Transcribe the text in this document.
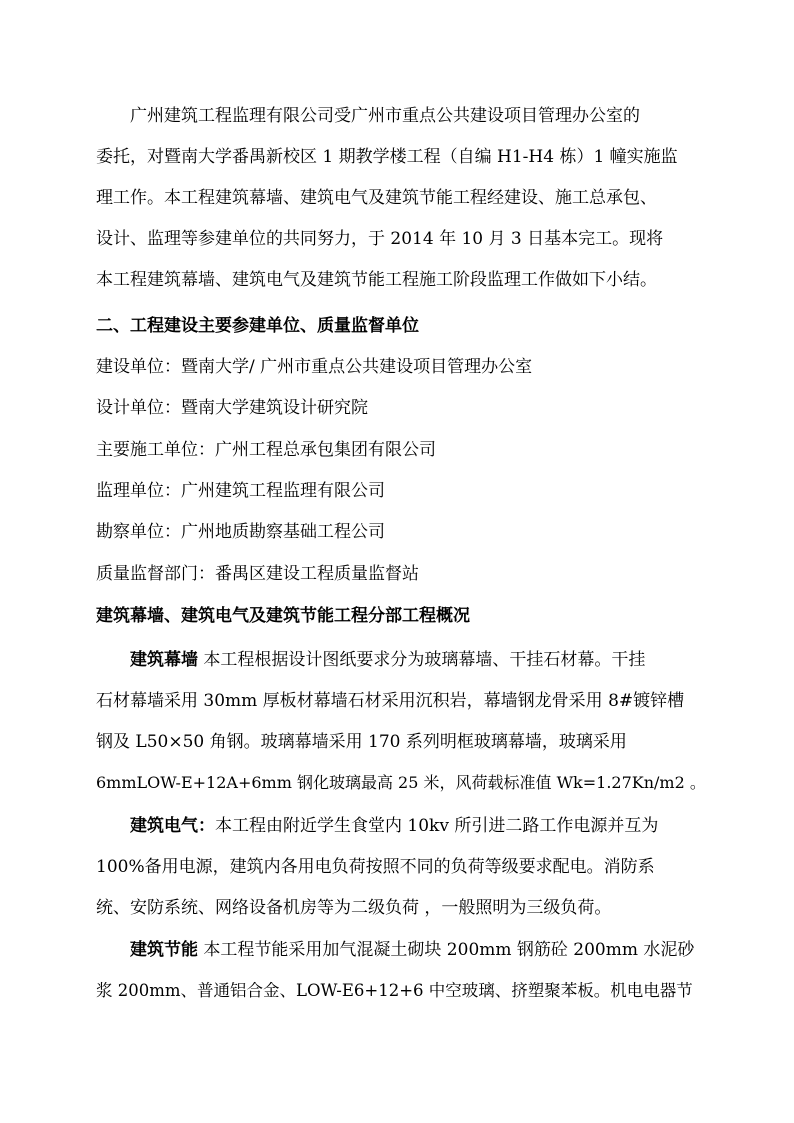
广州建筑工程监理有限公司受广州市重点公共建设项目管理办公室的

委托，对暨南大学番禺新校区 1 期教学楼工程（自编 H1-H4 栋）1 幢实施监

理工作。本工程建筑幕墙、建筑电气及建筑节能工程经建设、施工总承包、

设计、监理等参建单位的共同努力，于 2014 年 10 月 3 日基本完工。现将

本工程建筑幕墙、建筑电气及建筑节能工程施工阶段监理工作做如下小结。

二、工程建设主要参建单位、质量监督单位

建设单位：暨南大学/ 广州市重点公共建设项目管理办公室

设计单位：暨南大学建筑设计研究院

主要施工单位：广州工程总承包集团有限公司

监理单位：广州建筑工程监理有限公司

勘察单位：广州地质勘察基础工程公司

质量监督部门：番禺区建设工程质量监督站

建筑幕墙、建筑电气及建筑节能工程分部工程概况

建筑幕墙 本工程根据设计图纸要求分为玻璃幕墙、干挂石材幕。干挂

石材幕墙采用 30mm 厚板材幕墙石材采用沉积岩，幕墙钢龙骨采用 8#镀锌槽

钢及 L50×50 角钢。玻璃幕墙采用 170 系列明框玻璃幕墙，玻璃采用

6mmLOW-E+12A+6mm 钢化玻璃最高 25 米，风荷载标准值 Wk=1.27Kn/m2 。

建筑电气：本工程由附近学生食堂内 10kv 所引进二路工作电源并互为

100%备用电源，建筑内各用电负荷按照不同的负荷等级要求配电。消防系

统、安防系统、网络设备机房等为二级负荷 ，一般照明为三级负荷。

建筑节能 本工程节能采用加气混凝土砌块 200mm 钢筋砼 200mm 水泥砂

浆 200mm、普通铝合金、LOW-E6+12+6 中空玻璃、挤塑聚苯板。机电电器节
